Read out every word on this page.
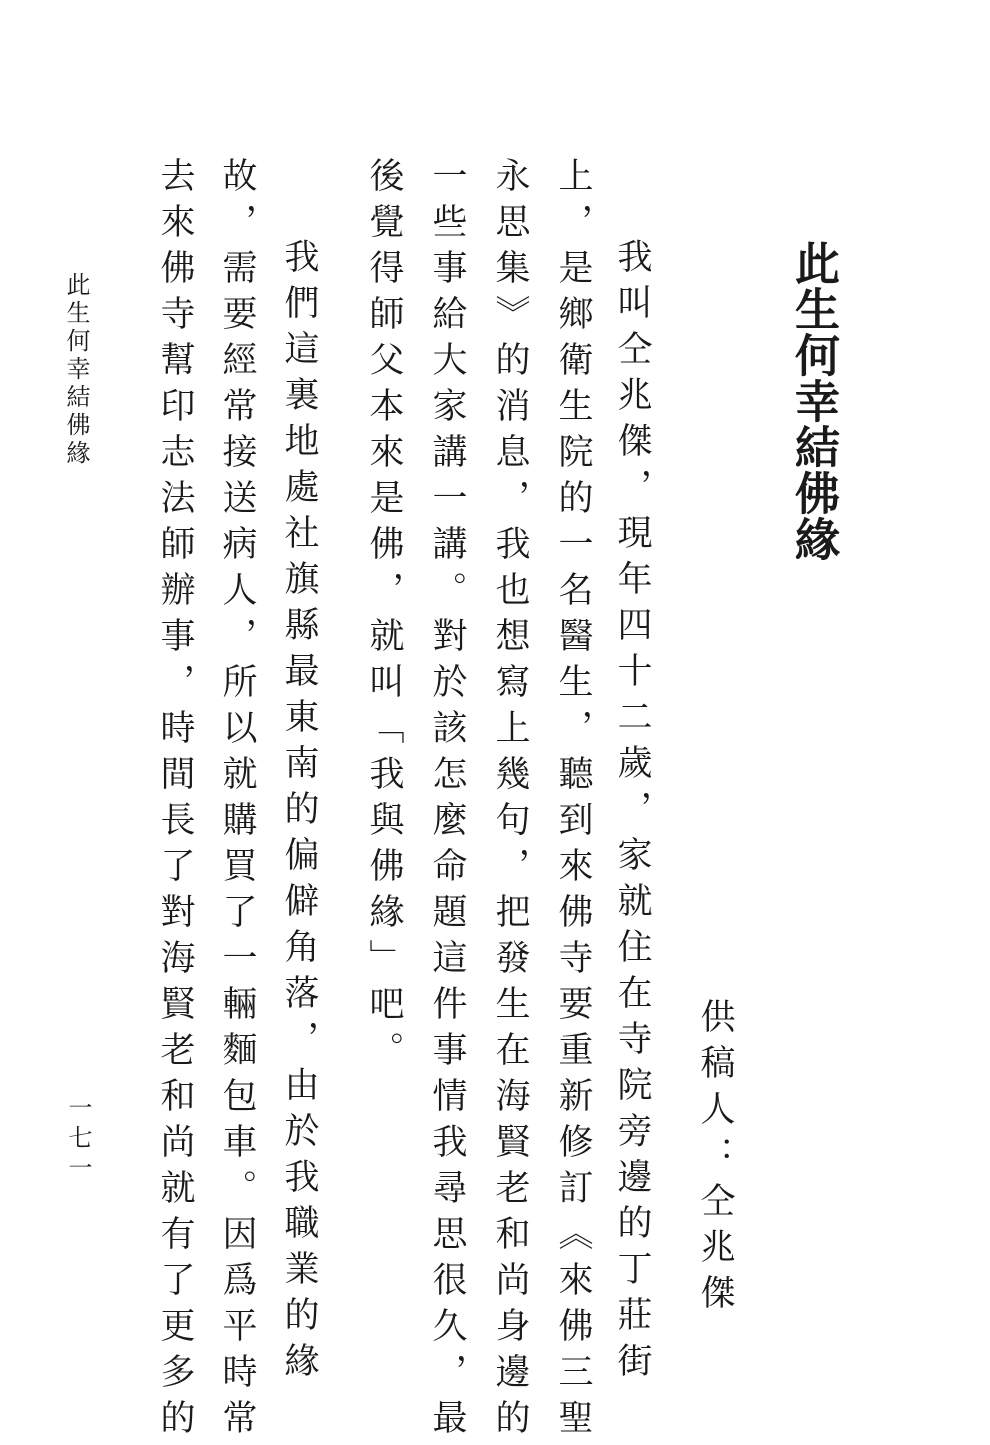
此生何幸結佛緣
供稿人：仝兆傑
我叫仝兆傑，現年四十二歲，家就住在寺院旁邊的丁莊街
上，是鄉衛生院的一名醫生，聽到來佛寺要重新修訂《來佛三聖
永思集》的消息，我也想寫上幾句，把發生在海賢老和尚身邊的
一些事給大家講一講。對於該怎麼命題這件事情我尋思很久，最
後覺得師父本來是佛，就叫「我與佛緣」吧。
我們這裏地處社旗縣最東南的偏僻角落，由於我職業的緣
故，需要經常接送病人，所以就購買了一輛麵包車。因爲平時常
去來佛寺幫印志法師辦事，時間長了對海賢老和尚就有了更多的
此生何幸結佛緣
一七一
